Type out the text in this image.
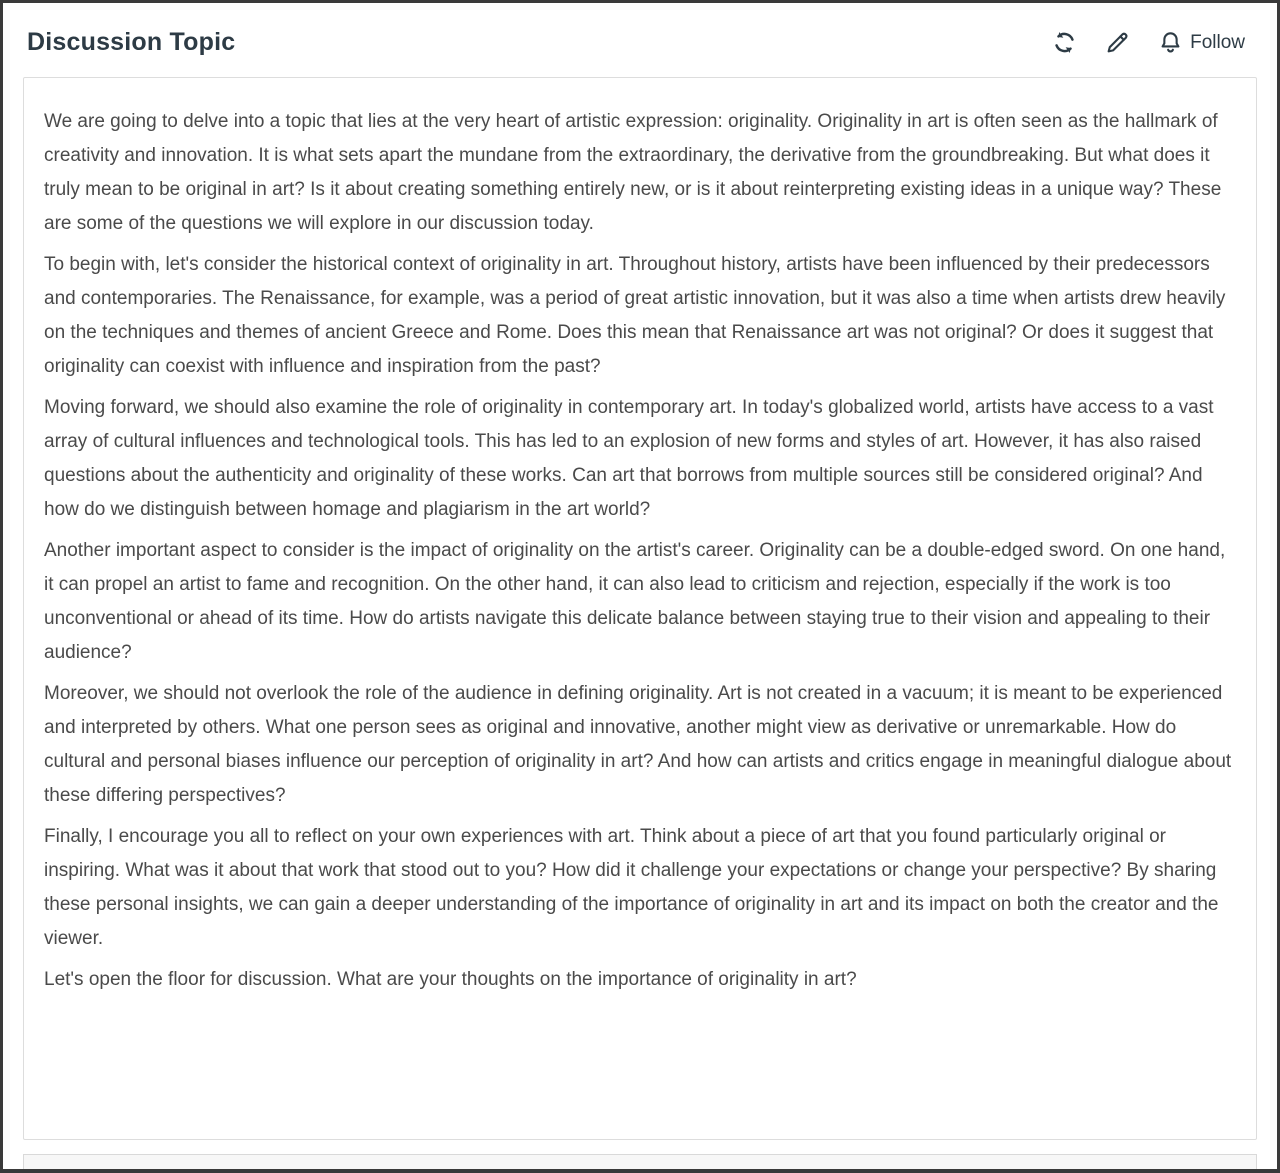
Discussion Topic	Follow

We are going to delve into a topic that lies at the very heart of artistic expression: originality. Originality in art is often seen as the hallmark of creativity and innovation. It is what sets apart the mundane from the extraordinary, the derivative from the groundbreaking. But what does it truly mean to be original in art? Is it about creating something entirely new, or is it about reinterpreting existing ideas in a unique way? These are some of the questions we will explore in our discussion today.

To begin with, let's consider the historical context of originality in art. Throughout history, artists have been influenced by their predecessors and contemporaries. The Renaissance, for example, was a period of great artistic innovation, but it was also a time when artists drew heavily on the techniques and themes of ancient Greece and Rome. Does this mean that Renaissance art was not original? Or does it suggest that originality can coexist with influence and inspiration from the past?

Moving forward, we should also examine the role of originality in contemporary art. In today's globalized world, artists have access to a vast array of cultural influences and technological tools. This has led to an explosion of new forms and styles of art. However, it has also raised questions about the authenticity and originality of these works. Can art that borrows from multiple sources still be considered original? And how do we distinguish between homage and plagiarism in the art world?

Another important aspect to consider is the impact of originality on the artist's career. Originality can be a double-edged sword. On one hand, it can propel an artist to fame and recognition. On the other hand, it can also lead to criticism and rejection, especially if the work is too unconventional or ahead of its time. How do artists navigate this delicate balance between staying true to their vision and appealing to their audience?

Moreover, we should not overlook the role of the audience in defining originality. Art is not created in a vacuum; it is meant to be experienced and interpreted by others. What one person sees as original and innovative, another might view as derivative or unremarkable. How do cultural and personal biases influence our perception of originality in art? And how can artists and critics engage in meaningful dialogue about these differing perspectives?

Finally, I encourage you all to reflect on your own experiences with art. Think about a piece of art that you found particularly original or inspiring. What was it about that work that stood out to you? How did it challenge your expectations or change your perspective? By sharing these personal insights, we can gain a deeper understanding of the importance of originality in art and its impact on both the creator and the viewer.

Let's open the floor for discussion. What are your thoughts on the importance of originality in art?
